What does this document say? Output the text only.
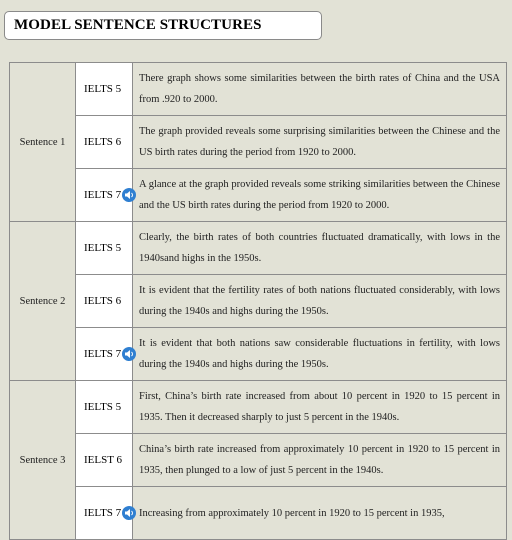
MODEL SENTENCE STRUCTURES
Sentence 1	IELTS 5	There graph shows some similarities between the birth rates of China and the USA from .920 to 2000.
	IELTS 6	The graph provided reveals some surprising similarities between the Chinese and the US birth rates during the period from 1920 to 2000.
	IELTS 7	A glance at the graph provided reveals some striking similarities between the Chinese and the US birth rates during the period from 1920 to 2000.
Sentence 2	IELTS 5	Clearly, the birth rates of both countries fluctuated dramatically, with lows in the 1940sand highs in the 1950s.
	IELTS 6	It is evident that the fertility rates of both nations fluctuated considerably, with lows during the 1940s and highs during the 1950s.
	IELTS 7	It is evident that both nations saw considerable fluctuations in fertility, with lows during the 1940s and highs during the 1950s.
Sentence 3	IELTS 5	First, China’s birth rate increased from about 10 percent in 1920 to 15 percent in 1935. Then it decreased sharply to just 5 percent in the 1940s.
	IELST 6	China’s birth rate increased from approximately 10 percent in 1920 to 15 percent in 1935, then plunged to a low of just 5 percent in the 1940s.
	IELTS 7	Increasing from approximately 10 percent in 1920 to 15 percent in 1935,
